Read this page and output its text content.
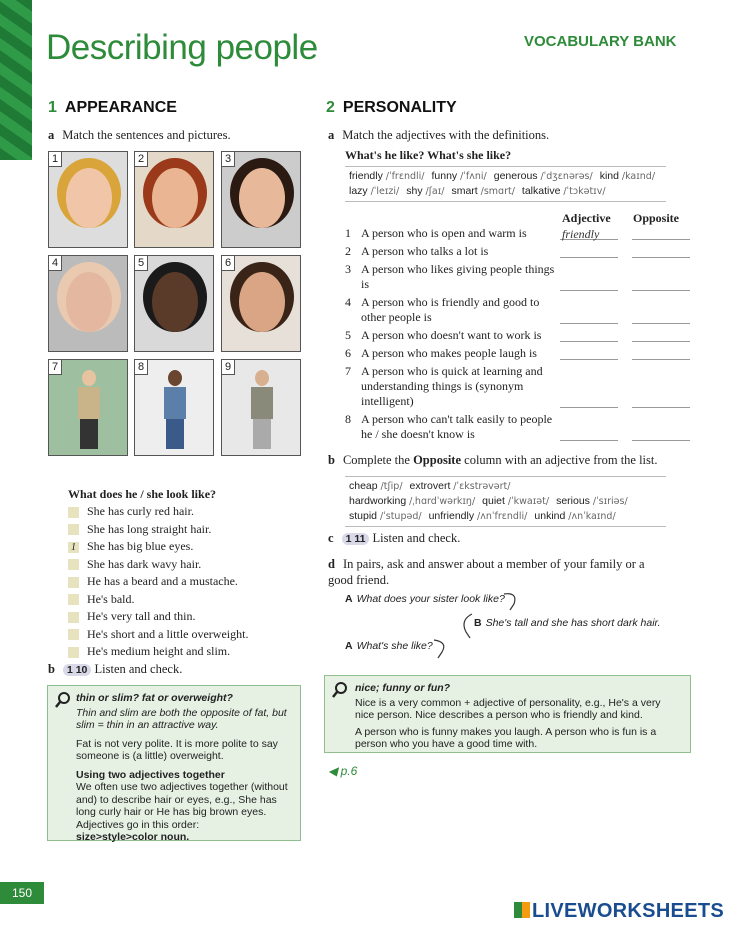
Describing people	VOCABULARY BANK
1 APPEARANCE
a Match the sentences and pictures.
1	2	3
4	5	6
7	8	9
What does he / she look like?
She has curly red hair.
She has long straight hair.
1 She has big blue eyes.
She has dark wavy hair.
He has a beard and a mustache.
He's bald.
He's very tall and thin.
He's short and a little overweight.
He's medium height and slim.
b 1 10 Listen and check.
thin or slim? fat or overweight?
Thin and slim are both the opposite of fat, but slim = thin in an attractive way.
Fat is not very polite. It is more polite to say someone is (a little) overweight.
Using two adjectives together
We often use two adjectives together (without and) to describe hair or eyes, e.g., She has long curly hair or He has big brown eyes. Adjectives go in this order:
size>style>color noun.
2 PERSONALITY
a Match the adjectives with the definitions.
What's he like? What's she like?
friendly /ˈfrɛndli/ funny /ˈfʌni/ generous /ˈdʒɛnərəs/ kind /kaɪnd/
lazy /ˈleɪzi/ shy /ʃaɪ/ smart /smɑrt/ talkative /ˈtɔkətɪv/
Adjective Opposite
1 A person who is open and warm is	friendly
2 A person who talks a lot is
3 A person who likes giving people things is
4 A person who is friendly and good to other people is
5 A person who doesn't want to work is
6 A person who makes people laugh is
7 A person who is quick at learning and understanding things is (synonym intelligent)
8 A person who can't talk easily to people he / she doesn't know is
b Complete the Opposite column with an adjective from the list.
cheap /tʃip/ extrovert /ˈɛkstrəvərt/
hardworking /ˌhɑrdˈwərkɪŋ/ quiet /ˈkwaɪət/ serious /ˈsɪriəs/
stupid /ˈstupəd/ unfriendly /ʌnˈfrɛndli/ unkind /ʌnˈkaɪnd/
c 1 11 Listen and check.
d In pairs, ask and answer about a member of your family or a good friend.
A What does your sister look like?
B She's tall and she has short dark hair.
A What's she like?
nice; funny or fun?
Nice is a very common + adjective of personality, e.g., He's a very nice person. Nice describes a person who is friendly and kind.
A person who is funny makes you laugh. A person who is fun is a person who you have a good time with.
◀ p.6
150
LIVEWORKSHEETS
